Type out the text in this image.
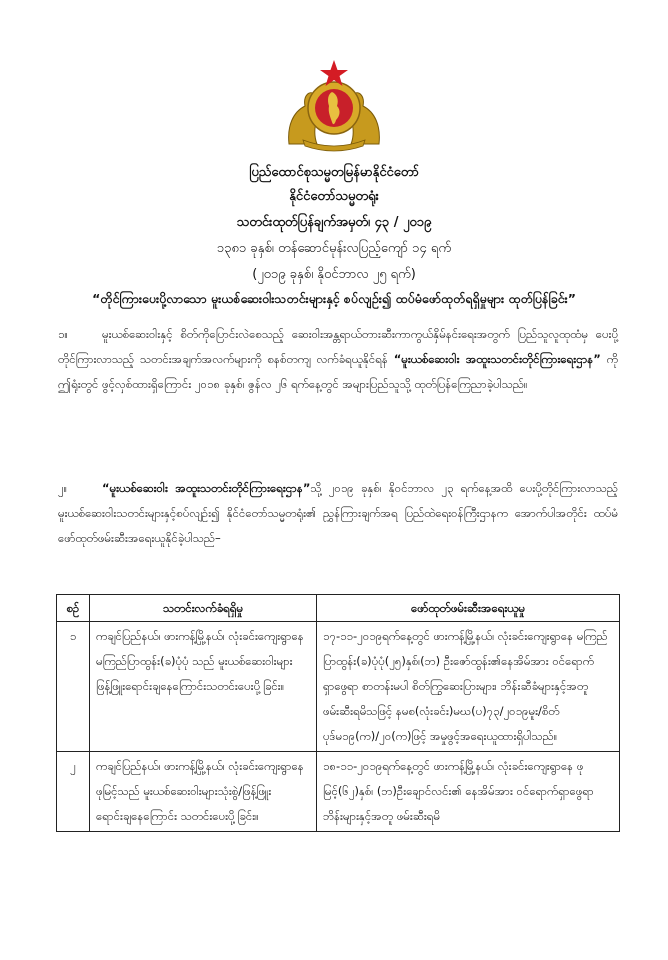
ပြည်ထောင်စုသမ္မတမြန်မာနိုင်ငံတော်
နိုင်ငံတော်သမ္မတရုံး
သတင်းထုတ်ပြန်ချက်အမှတ်၊ ၄၃ / ၂၀၁၉
၁၃၈၁ ခုနှစ်၊ တန်ဆောင်မုန်းလပြည့်ကျော် ၁၄ ရက်
(၂၀၁၉ ခုနှစ်၊ နိုဝင်ဘာလ ၂၅ ရက်)
“တိုင်ကြားပေးပို့လာသော မူးယစ်ဆေးဝါးသတင်းများနှင့် စပ်လျဉ်း၍ ထပ်မံဖော်ထုတ်ရရှိမှုများ ထုတ်ပြန်ခြင်း”
၁။	မူးယစ်ဆေးဝါးနှင့် စိတ်ကိုပြောင်းလဲစေသည့် ဆေးဝါးအန္တရာယ်တားဆီးကာကွယ်နှိမ်နင်းရေးအတွက် ပြည်သူလူထုထံမှ ပေးပို့တိုင်ကြားလာသည့် သတင်းအချက်အလက်များကို စနစ်တကျ လက်ခံရယူနိုင်ရန် “မူးယစ်ဆေးဝါး အထူးသတင်းတိုင်ကြားရေးဌာန” ကို ဤရုံးတွင် ဖွင့်လှစ်ထားရှိကြောင်း ၂၀၁၈ ခုနှစ်၊ ဇွန်လ ၂၆ ရက်နေ့တွင် အများပြည်သူသို့ ထုတ်ပြန်ကြေညာခဲ့ပါသည်။
၂။	“မူးယစ်ဆေးဝါး အထူးသတင်းတိုင်ကြားရေးဌာန”သို့ ၂၀၁၉ ခုနှစ်၊ နိုဝင်ဘာလ ၂၃ ရက်နေ့အထိ ပေးပို့တိုင်ကြားလာသည့် မူးယစ်ဆေးဝါးသတင်းများနှင့်စပ်လျဉ်း၍ နိုင်ငံတော်သမ္မတရုံး၏ ညွှန်ကြားချက်အရ ပြည်ထဲရေးဝန်ကြီးဌာနက အောက်ပါအတိုင်း ထပ်မံဖော်ထုတ်ဖမ်းဆီးအရေးယူနိုင်ခဲ့ပါသည်–
စဉ်	သတင်းလက်ခံရရှိမှု	ဖော်ထုတ်ဖမ်းဆီးအရေးယူမှု
၁	ကချင်ပြည်နယ်၊ ဖားကန့်မြို့နယ်၊ လုံးခင်းကျေးရွာနေ မကြည်ပြာထွန်း(ခ)ပုံပုံ သည် မူးယစ်ဆေးဝါးများဖြန့်ဖြူးရောင်းချနေကြောင်းသတင်းပေးပို့ခြင်း။	၁၇-၁၁-၂၀၁၉ရက်နေ့တွင် ဖားကန့်မြို့နယ်၊ လုံးခင်းကျေးရွာနေ မကြည်ပြာထွန်း(ခ)ပုံပုံ(၂၅)နှစ်၊(ဘ) ဦးဇော်ထွန်း၏နေအိမ်အား ဝင်ရောက်ရှာဖွေရာ စာတန်းမပါ စိတ်ကြွဆေးပြားများ၊ ဘိန်းဆီခံများနှင့်အတူ ဖမ်းဆီးရမိသဖြင့် နမစ(လုံးခင်း)မဃ(ပ)၇၃/၂၀၁၉မူး/စိတ်ပုဒ်မ၁၉(က)/၂၀(က)ဖြင့် အမှုဖွင့်အရေးယူထားရှိပါသည်။
၂	ကချင်ပြည်နယ်၊ ဖားကန့်မြို့နယ်၊ လုံးခင်းကျေးရွာနေ ဖုမြင့်သည် မူးယစ်ဆေးဝါးများသုံးစွဲ/ဖြန့်ဖြူး ရောင်းချနေကြောင်း သတင်းပေးပို့ခြင်း။	၁၈-၁၁-၂၀၁၉ရက်နေ့တွင် ဖားကန့်မြို့နယ်၊ လုံးခင်းကျေးရွာနေ ဖုမြင့်(၆၂)နှစ်၊ (ဘ)ဦးချောင်လင်း၏ နေအိမ်အား ဝင်ရောက်ရှာဖွေရာ ဘိန်းများနှင့်အတူ ဖမ်းဆီးရမိ
